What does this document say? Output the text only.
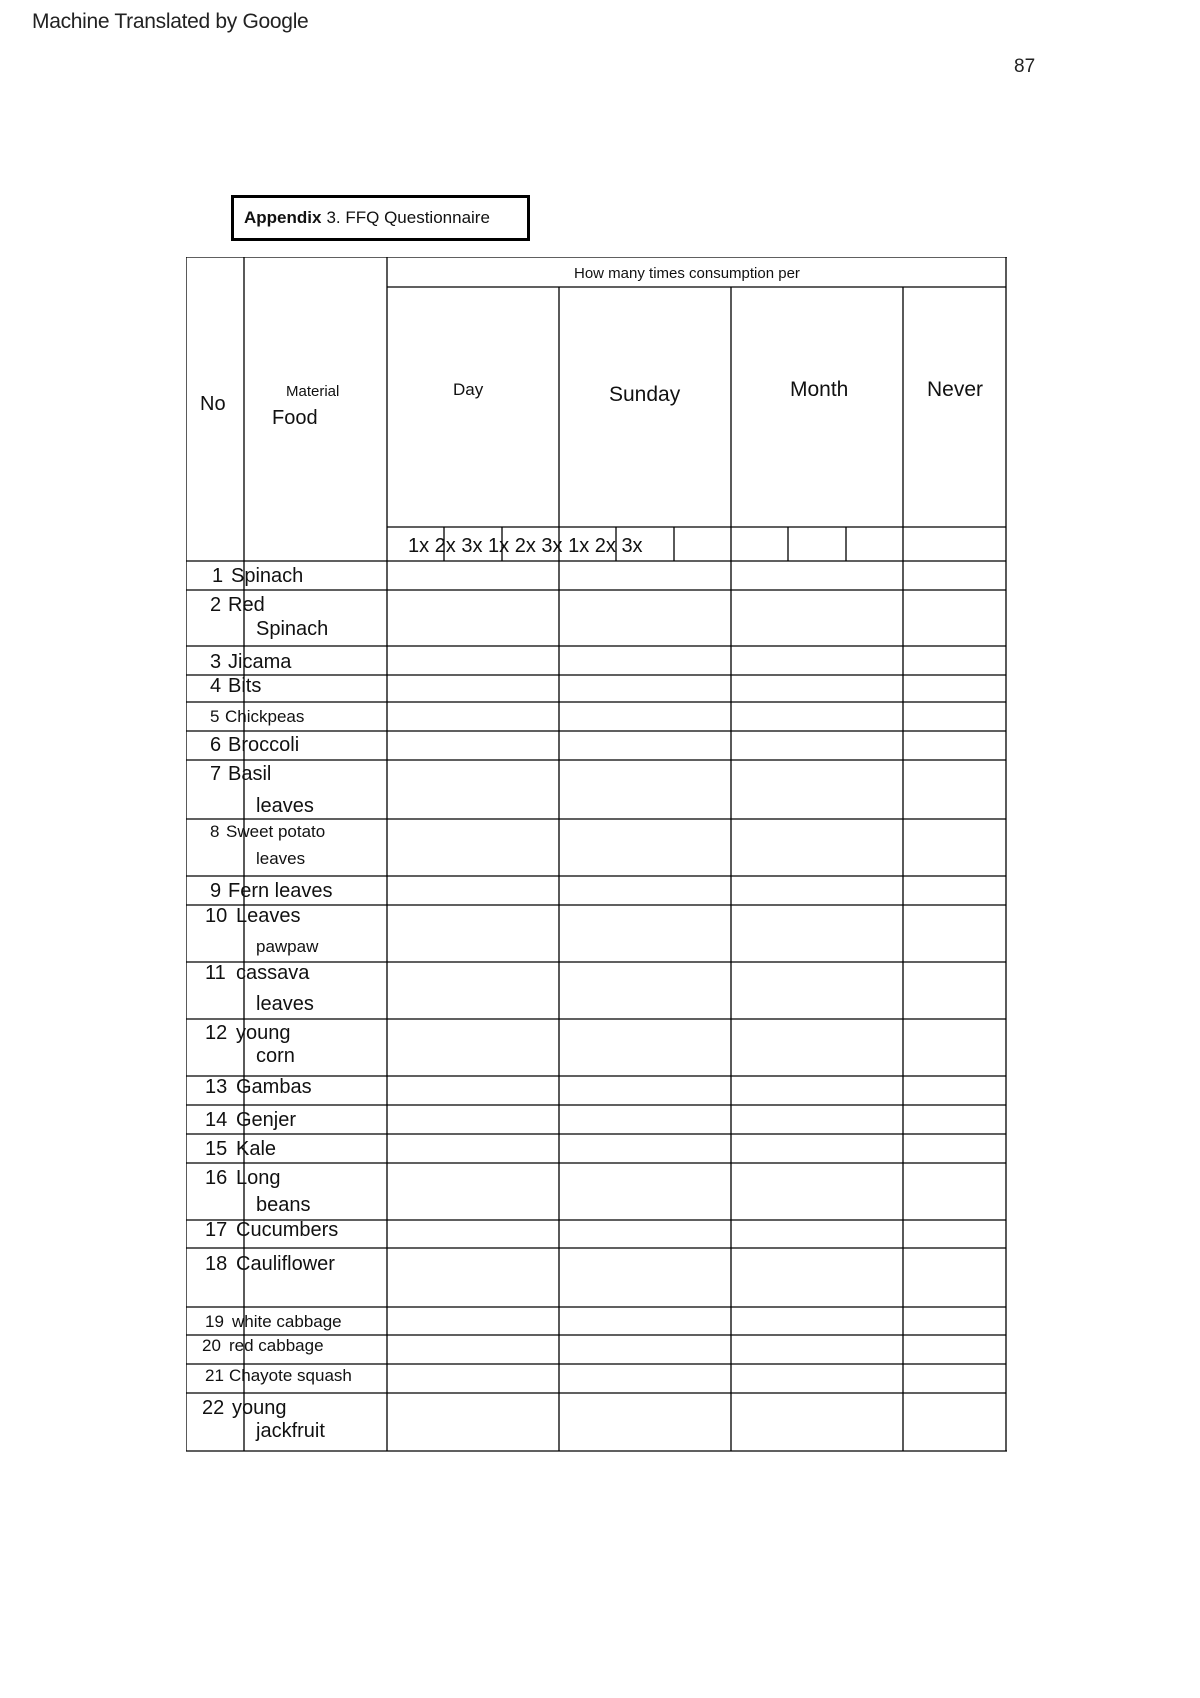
Machine Translated by Google
87
Appendix 3. FFQ Questionnaire
No
Material
Food
How many times consumption per
Day	Sunday	Month	Never
1x 2x 3x 1x 2x 3x 1x 2x 3x
1 Spinach
2 Red
Spinach
3 Jicama
4 Bits
5 Chickpeas
6 Broccoli
7 Basil
leaves
8 Sweet potato
leaves
9 Fern leaves
10 Leaves
pawpaw
11 cassava
leaves
12 young
corn
13 Gambas
14 Genjer
15 Kale
16 Long
beans
17 Cucumbers
18 Cauliflower
19 white cabbage
20 red cabbage
21 Chayote squash
22 young
jackfruit
